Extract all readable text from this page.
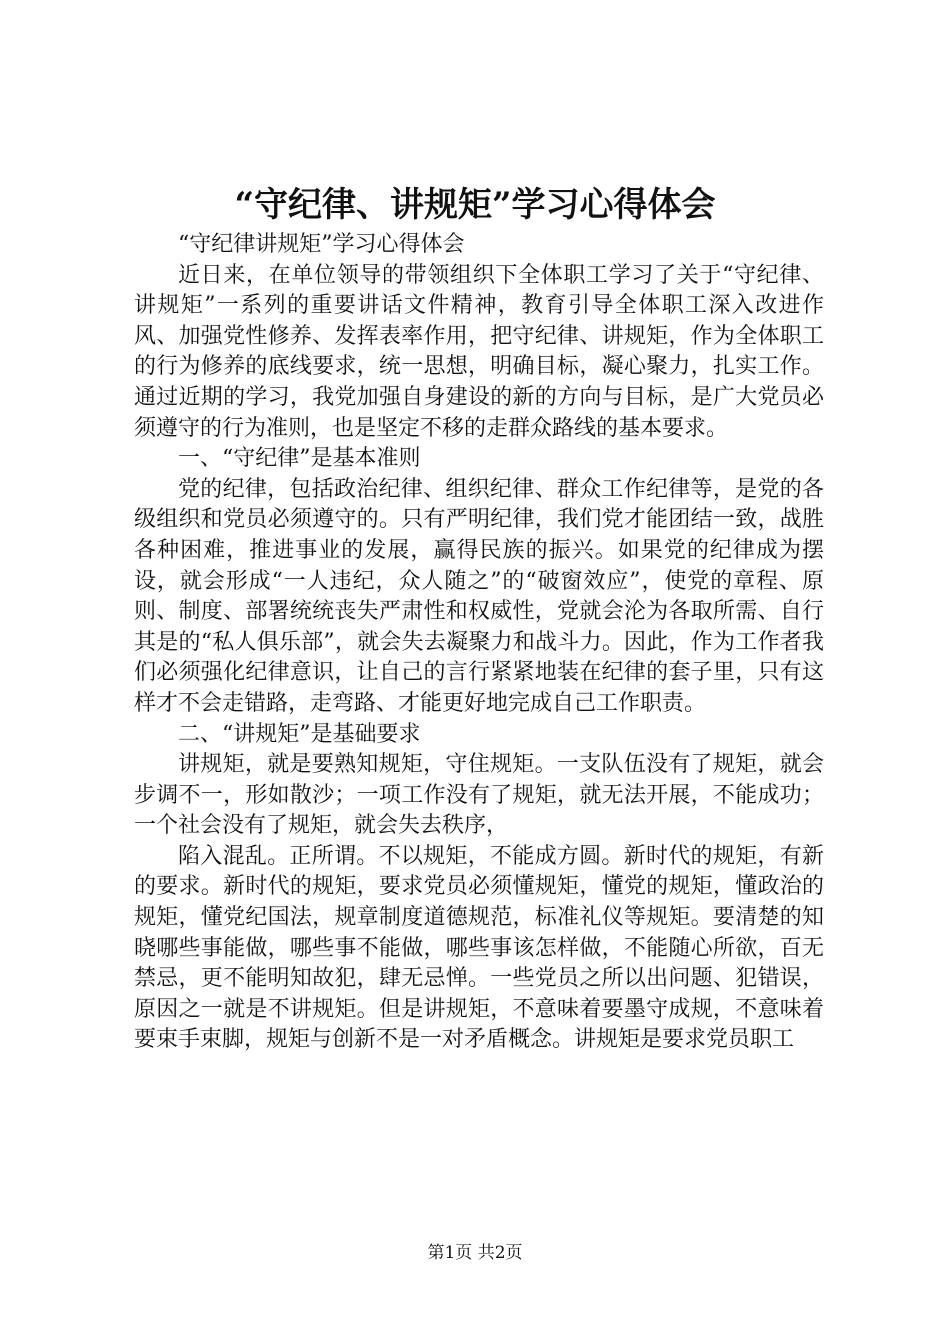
“守纪律、讲规矩”学习心得体会

“守纪律讲规矩”学习心得体会

近日来，在单位领导的带领组织下全体职工学习了关于“守纪律、讲规矩”一系列的重要讲话文件精神，教育引导全体职工深入改进作风、加强党性修养、发挥表率作用，把守纪律、讲规矩，作为全体职工的行为修养的底线要求，统一思想，明确目标，凝心聚力，扎实工作。通过近期的学习，我党加强自身建设的新的方向与目标，是广大党员必须遵守的行为准则，也是坚定不移的走群众路线的基本要求。

一、“守纪律”是基本准则

党的纪律，包括政治纪律、组织纪律、群众工作纪律等，是党的各级组织和党员必须遵守的。只有严明纪律，我们党才能团结一致，战胜各种困难，推进事业的发展，赢得民族的振兴。如果党的纪律成为摆设，就会形成“一人违纪，众人随之”的“破窗效应”，使党的章程、原则、制度、部署统统丧失严肃性和权威性，党就会沦为各取所需、自行其是的“私人俱乐部”，就会失去凝聚力和战斗力。因此，作为工作者我们必须强化纪律意识，让自己的言行紧紧地装在纪律的套子里，只有这样才不会走错路，走弯路、才能更好地完成自己工作职责。

二、“讲规矩”是基础要求

讲规矩，就是要熟知规矩，守住规矩。一支队伍没有了规矩，就会步调不一，形如散沙；一项工作没有了规矩，就无法开展，不能成功；一个社会没有了规矩，就会失去秩序，

陷入混乱。正所谓。不以规矩，不能成方圆。新时代的规矩，有新的要求。新时代的规矩，要求党员必须懂规矩，懂党的规矩，懂政治的规矩，懂党纪国法，规章制度道德规范，标准礼仪等规矩。要清楚的知晓哪些事能做，哪些事不能做，哪些事该怎样做，不能随心所欲，百无禁忌，更不能明知故犯，肆无忌惮。一些党员之所以出问题、犯错误，原因之一就是不讲规矩。但是讲规矩，不意味着要墨守成规，不意味着要束手束脚，规矩与创新不是一对矛盾概念。讲规矩是要求党员职工

第1页 共2页
